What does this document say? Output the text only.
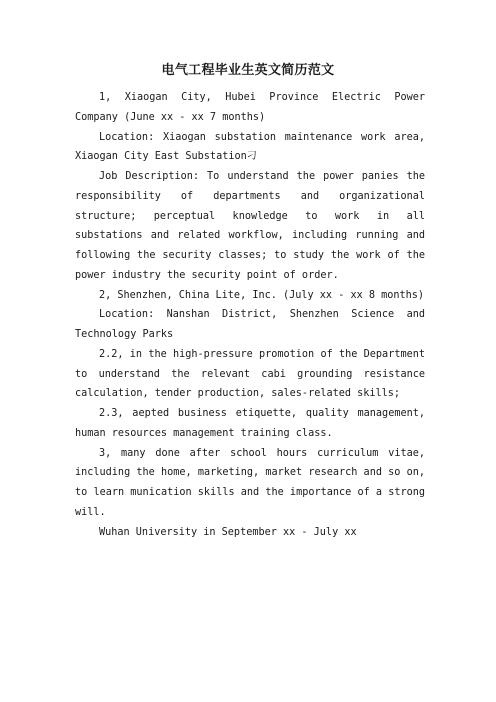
电气工程毕业生英文简历范文

1, Xiaogan City, Hubei Province Electric Power Company (June xx - xx 7 months)

Location: Xiaogan substation maintenance work area, Xiaogan City East Substation刁

Job Description: To understand the power panies the responsibility of departments and organizational structure; perceptual knowledge to work in all substations and related workflow, including running and following the security classes; to study the work of the power industry the security point of order.

2, Shenzhen, China Lite, Inc. (July xx - xx 8 months)

Location: Nanshan District, Shenzhen Science and Technology Parks

2.2, in the high-pressure promotion of the Department to understand the relevant cabi grounding resistance calculation, tender production, sales-related skills;

2.3, aepted business etiquette, quality management, human resources management training class.

3, many done after school hours curriculum vitae, including the home, marketing, market research and so on, to learn munication skills and the importance of a strong will.

Wuhan University in September xx - July xx
